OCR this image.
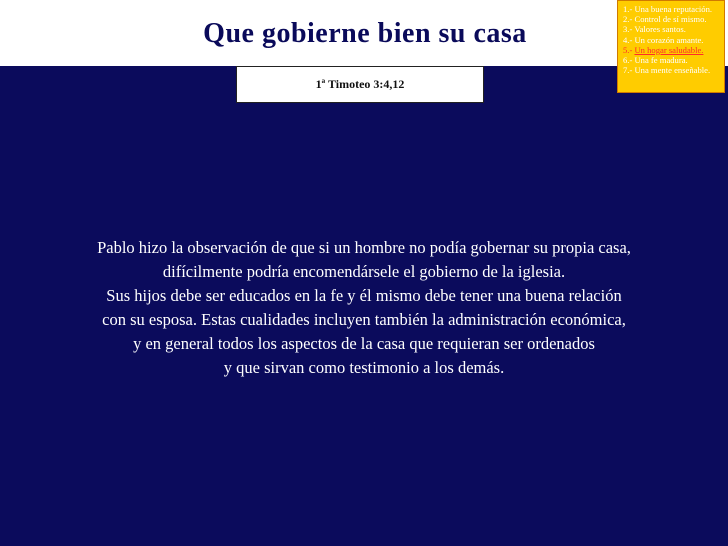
Que gobierne bien su casa
1ª Timoteo 3:4,12
1.- Una buena reputación.
2.- Control de sí mismo.
3.- Valores santos.
4.- Un corazón amante.
5.- Un hogar saludable.
6.- Una fe madura.
7.- Una mente enseñable.
Pablo hizo la observación de que si un hombre no podía gobernar su propia casa,
difícilmente podría encomendársele el gobierno de la iglesia.
Sus hijos debe ser educados en la fe y él mismo debe tener una buena relación
con su esposa. Estas cualidades incluyen también la administración económica,
y en general todos los aspectos de la casa que requieran ser ordenados
y que sirvan como testimonio a los demás.
